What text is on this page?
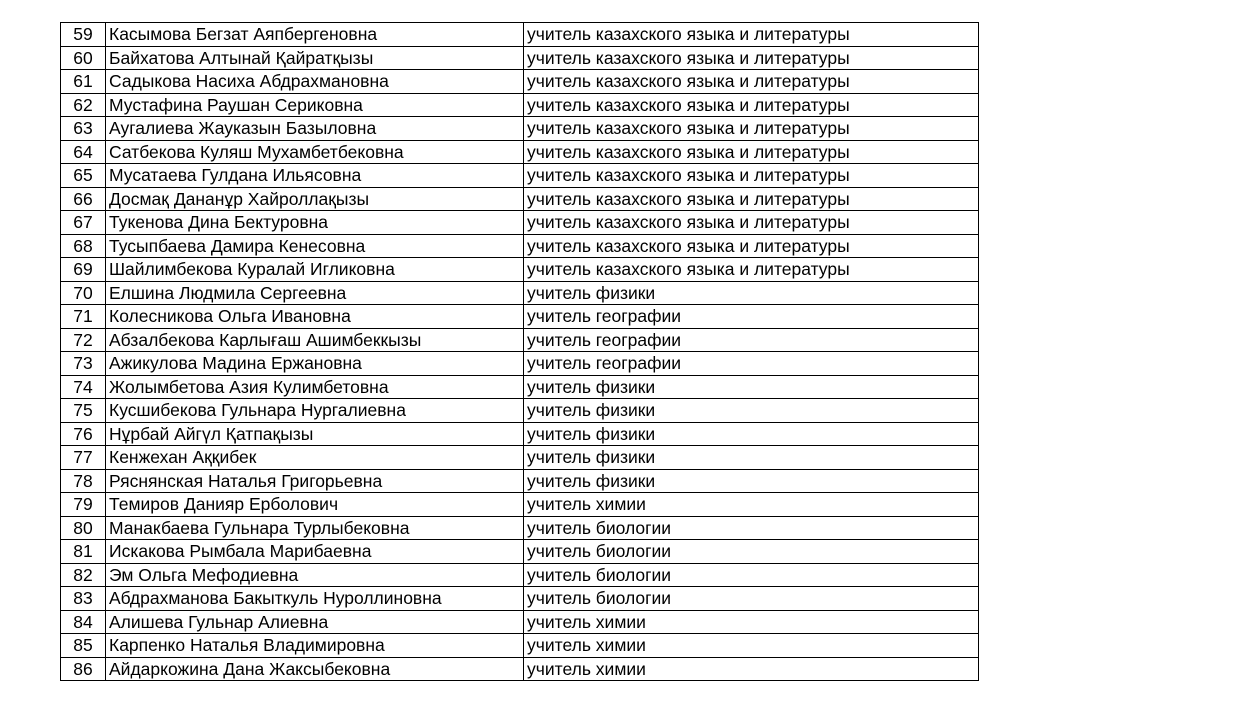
59	Касымова Бегзат Аяпбергеновна	учитель казахского языка и литературы
60	Байхатова Алтынай Қайратқызы	учитель казахского языка и литературы
61	Садыкова Насиха Абдрахмановна	учитель казахского языка и литературы
62	Мустафина Раушан Сериковна	учитель казахского языка и литературы
63	Аугалиева Жауказын Базыловна	учитель казахского языка и литературы
64	Сатбекова Куляш Мухамбетбековна	учитель казахского языка и литературы
65	Мусатаева Гулдана Ильясовна	учитель казахского языка и литературы
66	Досмақ Дананұр Хайроллақызы	учитель казахского языка и литературы
67	Тукенова Дина Бектуровна	учитель казахского языка и литературы
68	Тусыпбаева Дамира Кенесовна	учитель казахского языка и литературы
69	Шайлимбекова Куралай Игликовна	учитель казахского языка и литературы
70	Елшина Людмила Сергеевна	учитель физики
71	Колесникова Ольга Ивановна	учитель географии
72	Абзалбекова Карлығаш Ашимбеккызы	учитель географии
73	Ажикулова Мадина Ержановна	учитель географии
74	Жолымбетова Азия Кулимбетовна	учитель физики
75	Кусшибекова Гульнара Нургалиевна	учитель физики
76	Нұрбай Айгүл Қатпақызы	учитель физики
77	Кенжехан Аққибек	учитель физики
78	Ряснянская Наталья Григорьевна	учитель физики
79	Темиров Данияр Ерболович	учитель химии
80	Манакбаева Гульнара Турлыбековна	учитель биологии
81	Искакова Рымбала Марибаевна	учитель биологии
82	Эм Ольга Мефодиевна	учитель биологии
83	Абдрахманова Бакыткуль Нуроллиновна	учитель биологии
84	Алишева Гульнар Алиевна	учитель химии
85	Карпенко Наталья Владимировна	учитель химии
86	Айдаркожина Дана Жаксыбековна	учитель химии
